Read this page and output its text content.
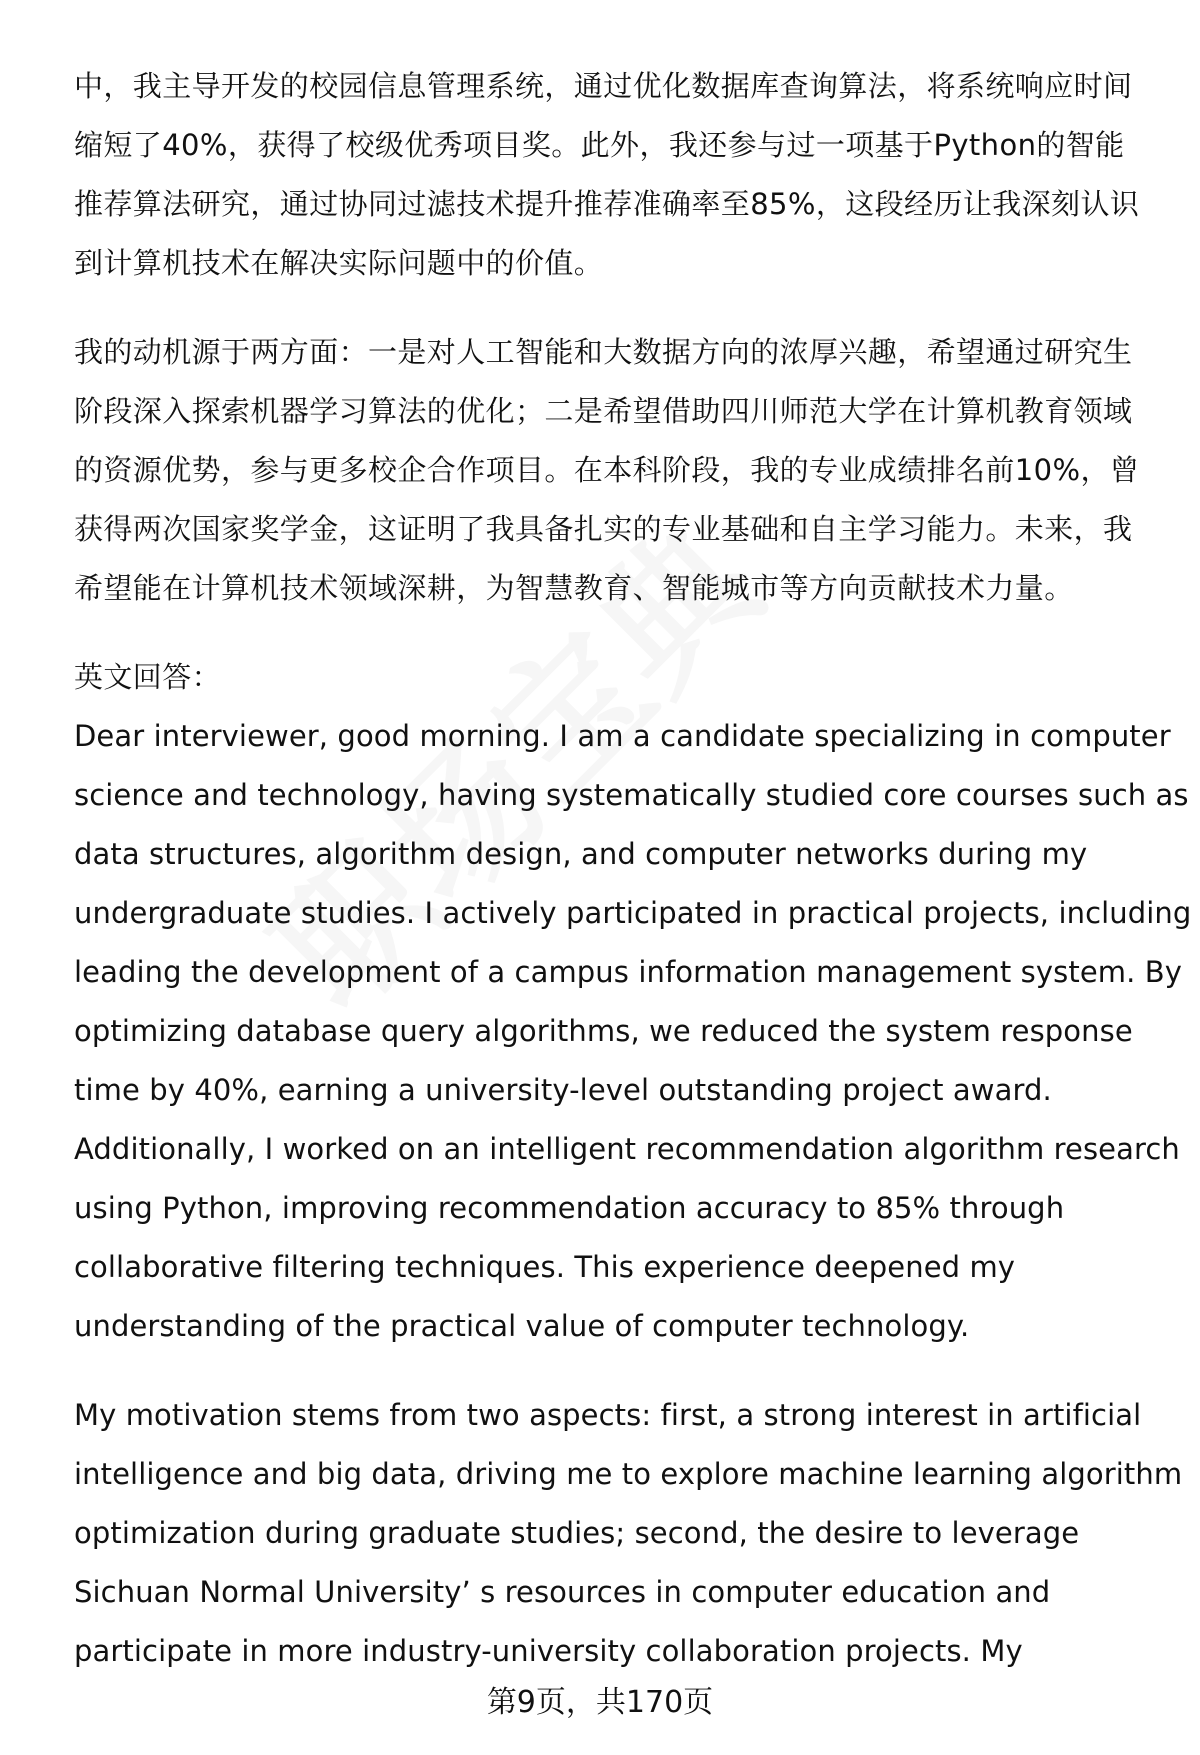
中，我主导开发的校园信息管理系统，通过优化数据库查询算法，将系统响应时间
缩短了40%，获得了校级优秀项目奖。此外，我还参与过一项基于Python的智能
推荐算法研究，通过协同过滤技术提升推荐准确率至85%，这段经历让我深刻认识
到计算机技术在解决实际问题中的价值。
我的动机源于两方面：一是对人工智能和大数据方向的浓厚兴趣，希望通过研究生
阶段深入探索机器学习算法的优化；二是希望借助四川师范大学在计算机教育领域
的资源优势，参与更多校企合作项目。在本科阶段，我的专业成绩排名前10%，曾
获得两次国家奖学金，这证明了我具备扎实的专业基础和自主学习能力。未来，我
希望能在计算机技术领域深耕，为智慧教育、智能城市等方向贡献技术力量。
英文回答：
Dear interviewer, good morning. I am a candidate specializing in computer
science and technology, having systematically studied core courses such as
data structures, algorithm design, and computer networks during my
undergraduate studies. I actively participated in practical projects, including
leading the development of a campus information management system. By
optimizing database query algorithms, we reduced the system response
time by 40%, earning a university-level outstanding project award.
Additionally, I worked on an intelligent recommendation algorithm research
using Python, improving recommendation accuracy to 85% through
collaborative filtering techniques. This experience deepened my
understanding of the practical value of computer technology.
My motivation stems from two aspects: first, a strong interest in artificial
intelligence and big data, driving me to explore machine learning algorithm
optimization during graduate studies; second, the desire to leverage
Sichuan Normal University’ s resources in computer education and
participate in more industry-university collaboration projects. My
第9页，共170页
